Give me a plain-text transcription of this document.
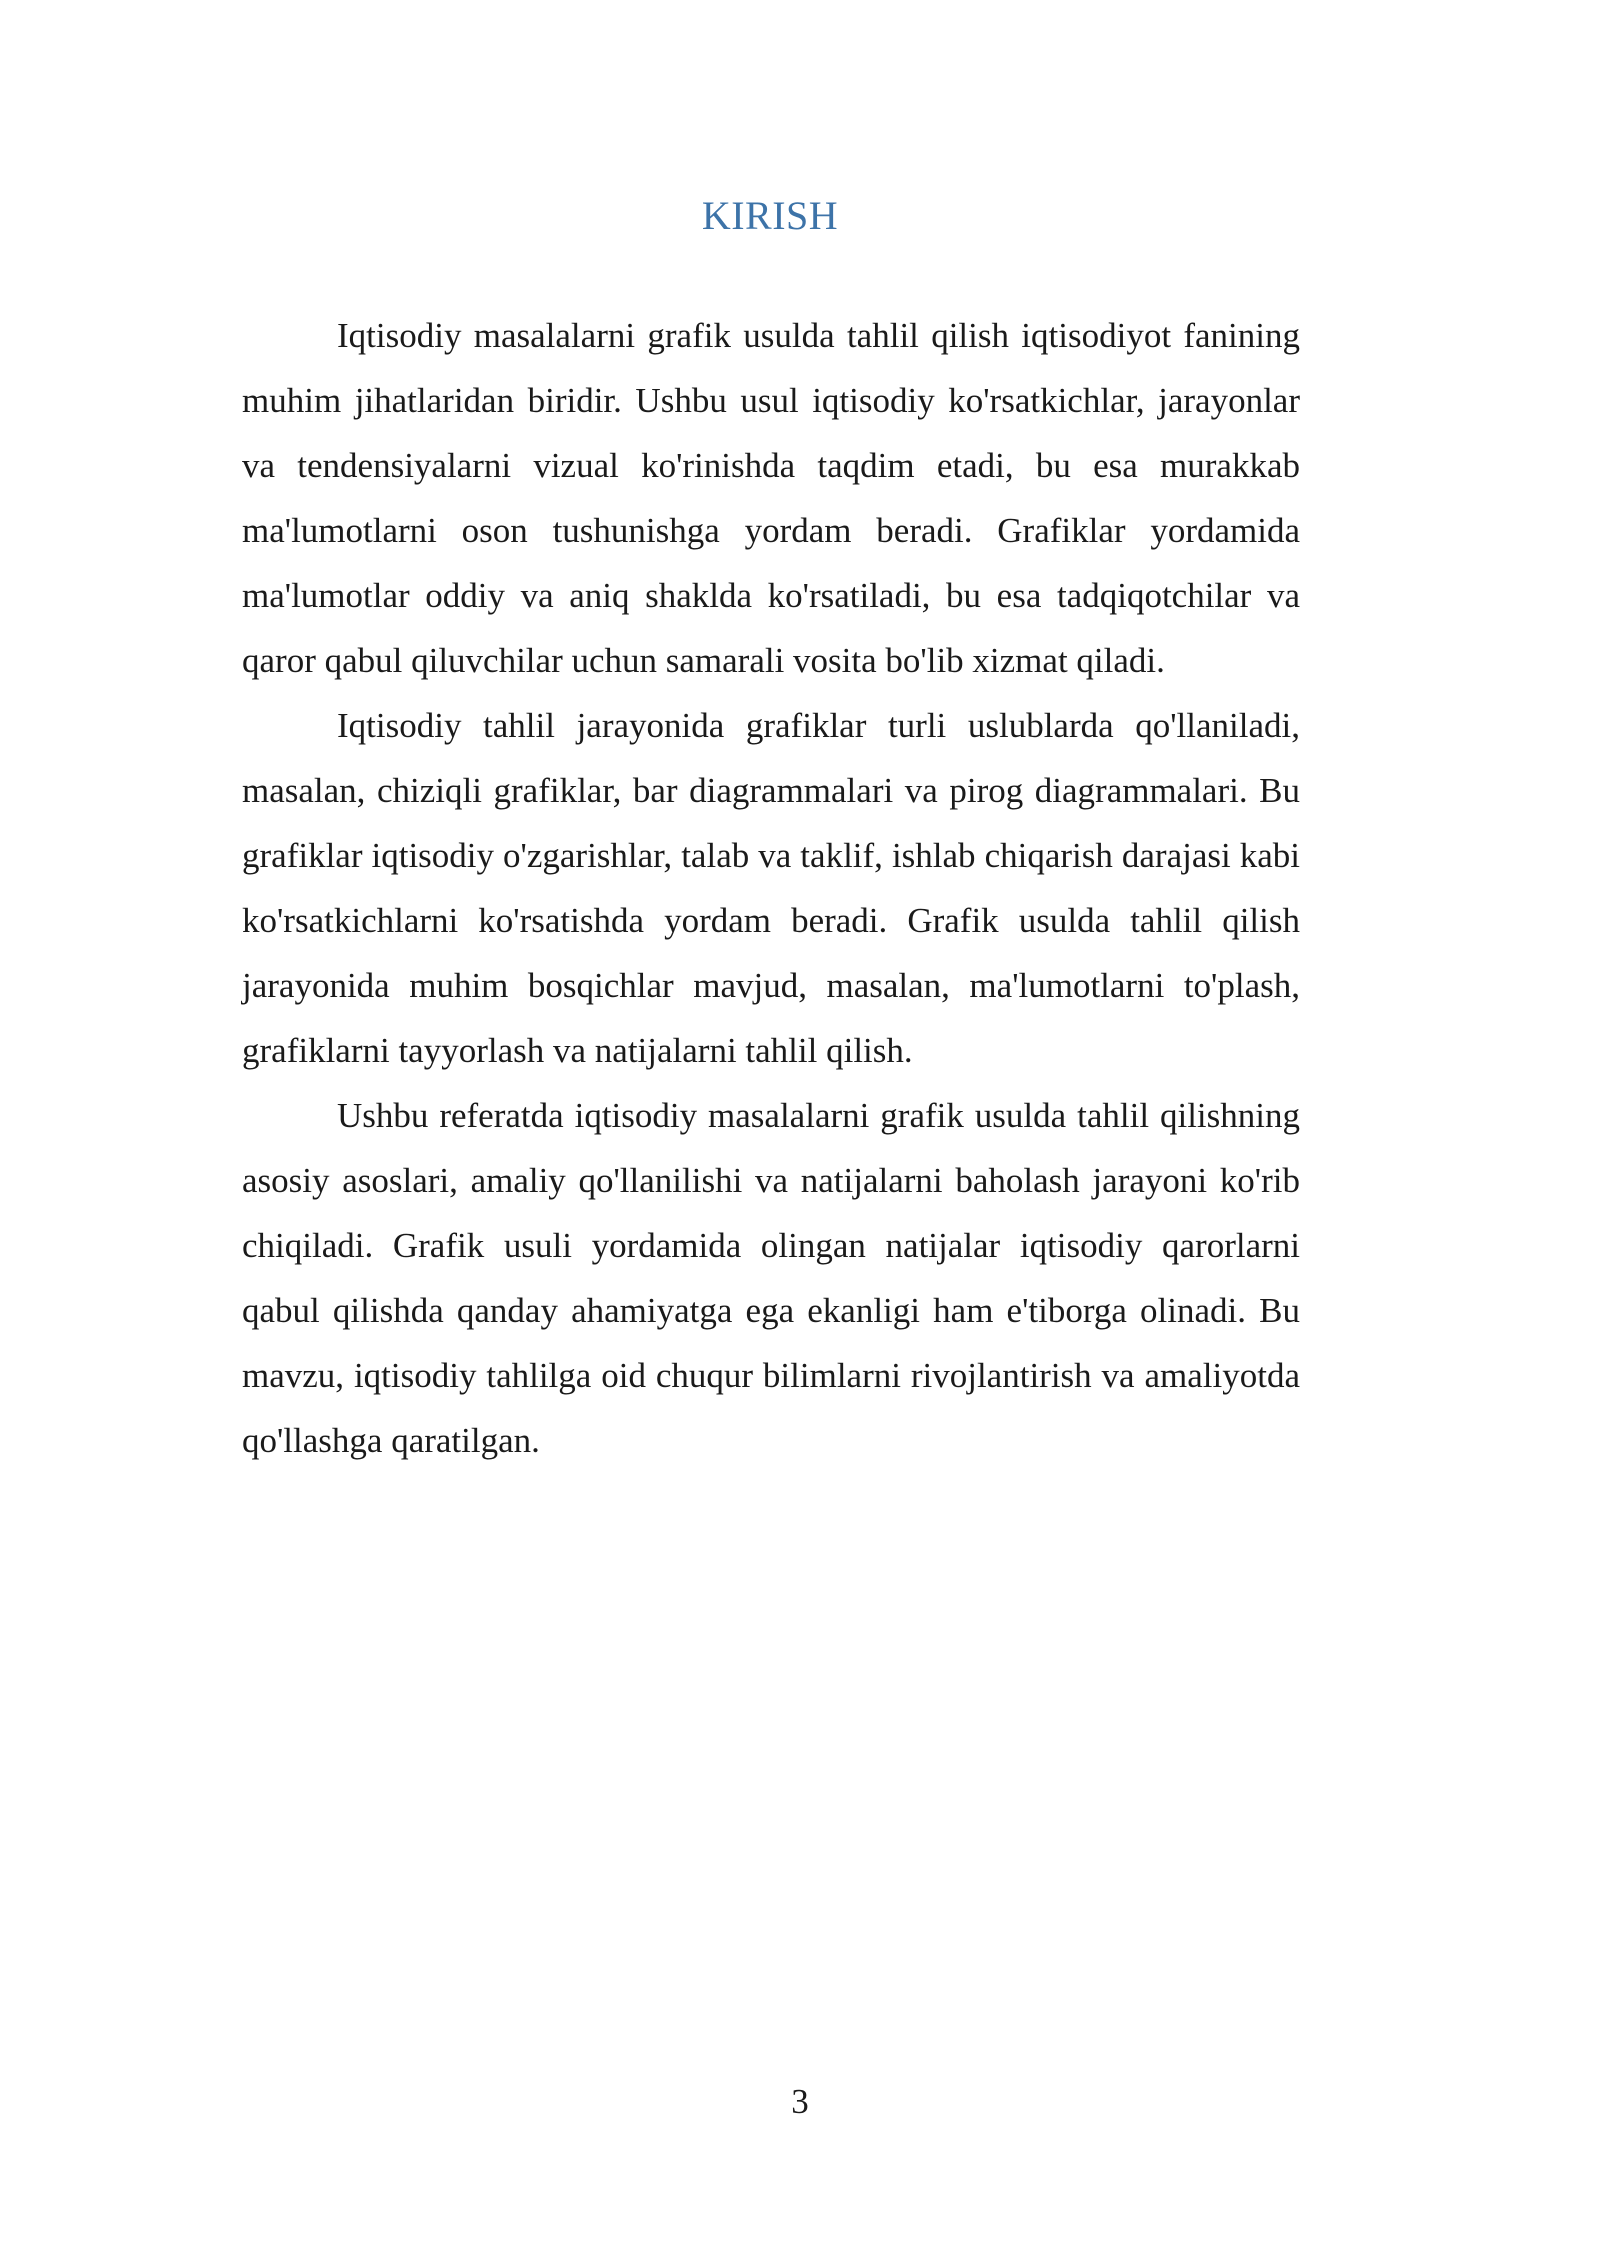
KIRISH

Iqtisodiy masalalarni grafik usulda tahlil qilish iqtisodiyot fanining muhim jihatlaridan biridir. Ushbu usul iqtisodiy ko'rsatkichlar, jarayonlar va tendensiyalarni vizual ko'rinishda taqdim etadi, bu esa murakkab ma'lumotlarni oson tushunishga yordam beradi. Grafiklar yordamida ma'lumotlar oddiy va aniq shaklda ko'rsatiladi, bu esa tadqiqotchilar va qaror qabul qiluvchilar uchun samarali vosita bo'lib xizmat qiladi.

Iqtisodiy tahlil jarayonida grafiklar turli uslublarda qo'llaniladi, masalan, chiziqli grafiklar, bar diagrammalari va pirog diagrammalari. Bu grafiklar iqtisodiy o'zgarishlar, talab va taklif, ishlab chiqarish darajasi kabi ko'rsatkichlarni ko'rsatishda yordam beradi. Grafik usulda tahlil qilish jarayonida muhim bosqichlar mavjud, masalan, ma'lumotlarni to'plash, grafiklarni tayyorlash va natijalarni tahlil qilish.

Ushbu referatda iqtisodiy masalalarni grafik usulda tahlil qilishning asosiy asoslari, amaliy qo'llanilishi va natijalarni baholash jarayoni ko'rib chiqiladi. Grafik usuli yordamida olingan natijalar iqtisodiy qarorlarni qabul qilishda qanday ahamiyatga ega ekanligi ham e'tiborga olinadi. Bu mavzu, iqtisodiy tahlilga oid chuqur bilimlarni rivojlantirish va amaliyotda qo'llashga qaratilgan.

3
